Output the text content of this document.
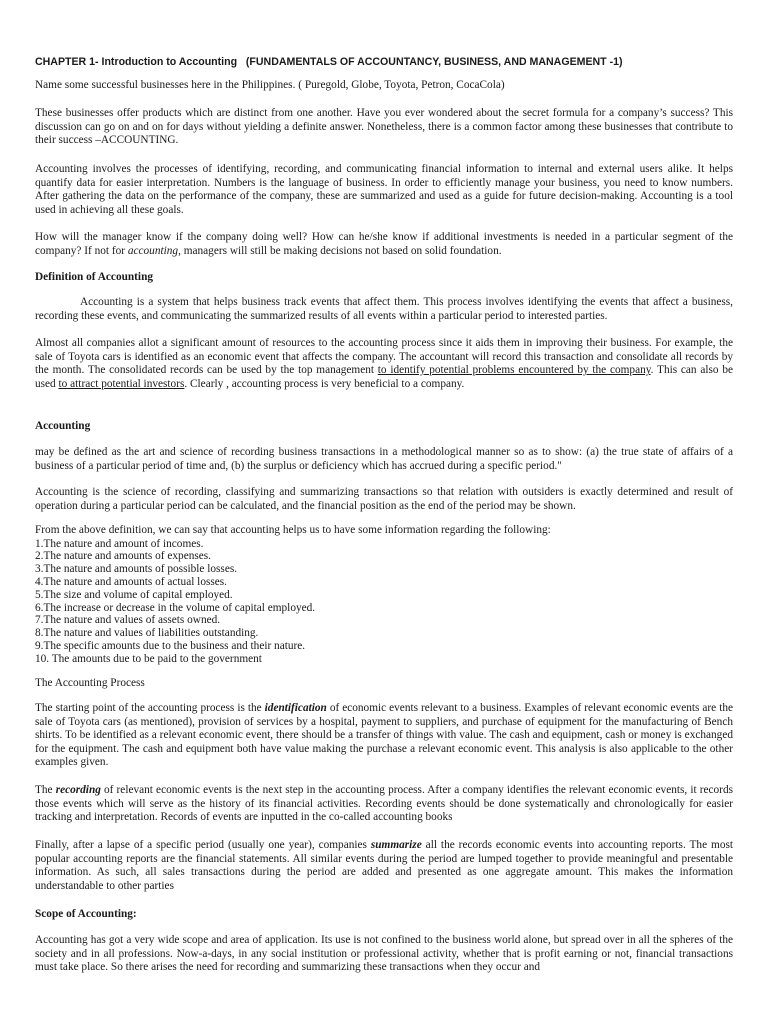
CHAPTER 1- Introduction to Accounting (FUNDAMENTALS OF ACCOUNTANCY, BUSINESS, AND MANAGEMENT -1)

Name some successful businesses here in the Philippines. ( Puregold, Globe, Toyota, Petron, CocaCola)

These businesses offer products which are distinct from one another. Have you ever wondered about the secret formula for a company’s success? This discussion can go on and on for days without yielding a definite answer. Nonetheless, there is a common factor among these businesses that contribute to their success –ACCOUNTING.

Accounting involves the processes of identifying, recording, and communicating financial information to internal and external users alike. It helps quantify data for easier interpretation. Numbers is the language of business. In order to efficiently manage your business, you need to know numbers. After gathering the data on the performance of the company, these are summarized and used as a guide for future decision-making. Accounting is a tool used in achieving all these goals.

How will the manager know if the company doing well? How can he/she know if additional investments is needed in a particular segment of the company? If not for accounting, managers will still be making decisions not based on solid foundation.

Definition of Accounting

Accounting is a system that helps business track events that affect them. This process involves identifying the events that affect a business, recording these events, and communicating the summarized results of all events within a particular period to interested parties.

Almost all companies allot a significant amount of resources to the accounting process since it aids them in improving their business. For example, the sale of Toyota cars is identified as an economic event that affects the company. The accountant will record this transaction and consolidate all records by the month. The consolidated records can be used by the top management to identify potential problems encountered by the company. This can also be used to attract potential investors. Clearly , accounting process is very beneficial to a company.

Accounting

may be defined as the art and science of recording business transactions in a methodological manner so as to show: (a) the true state of affairs of a business of a particular period of time and, (b) the surplus or deficiency which has accrued during a specific period."

Accounting is the science of recording, classifying and summarizing transactions so that relation with outsiders is exactly determined and result of operation during a particular period can be calculated, and the financial position as the end of the period may be shown.

From the above definition, we can say that accounting helps us to have some information regarding the following:

1.The nature and amount of incomes.
2.The nature and amounts of expenses.
3.The nature and amounts of possible losses.
4.The nature and amounts of actual losses.
5.The size and volume of capital employed.
6.The increase or decrease in the volume of capital employed.
7.The nature and values of assets owned.
8.The nature and values of liabilities outstanding.
9.The specific amounts due to the business and their nature.
10. The amounts due to be paid to the government

The Accounting Process

The starting point of the accounting process is the identification of economic events relevant to a business. Examples of relevant economic events are the sale of Toyota cars (as mentioned), provision of services by a hospital, payment to suppliers, and purchase of equipment for the manufacturing of Bench shirts. To be identified as a relevant economic event, there should be a transfer of things with value. The cash and equipment, cash or money is exchanged for the equipment. The cash and equipment both have value making the purchase a relevant economic event. This analysis is also applicable to the other examples given.

The recording of relevant economic events is the next step in the accounting process. After a company identifies the relevant economic events, it records those events which will serve as the history of its financial activities. Recording events should be done systematically and chronologically for easier tracking and interpretation. Records of events are inputted in the co-called accounting books

Finally, after a lapse of a specific period (usually one year), companies summarize all the records economic events into accounting reports. The most popular accounting reports are the financial statements. All similar events during the period are lumped together to provide meaningful and presentable information. As such, all sales transactions during the period are added and presented as one aggregate amount. This makes the information understandable to other parties

Scope of Accounting:

Accounting has got a very wide scope and area of application. Its use is not confined to the business world alone, but spread over in all the spheres of the society and in all professions. Now-a-days, in any social institution or professional activity, whether that is profit earning or not, financial transactions must take place. So there arises the need for recording and summarizing these transactions when they occur and
